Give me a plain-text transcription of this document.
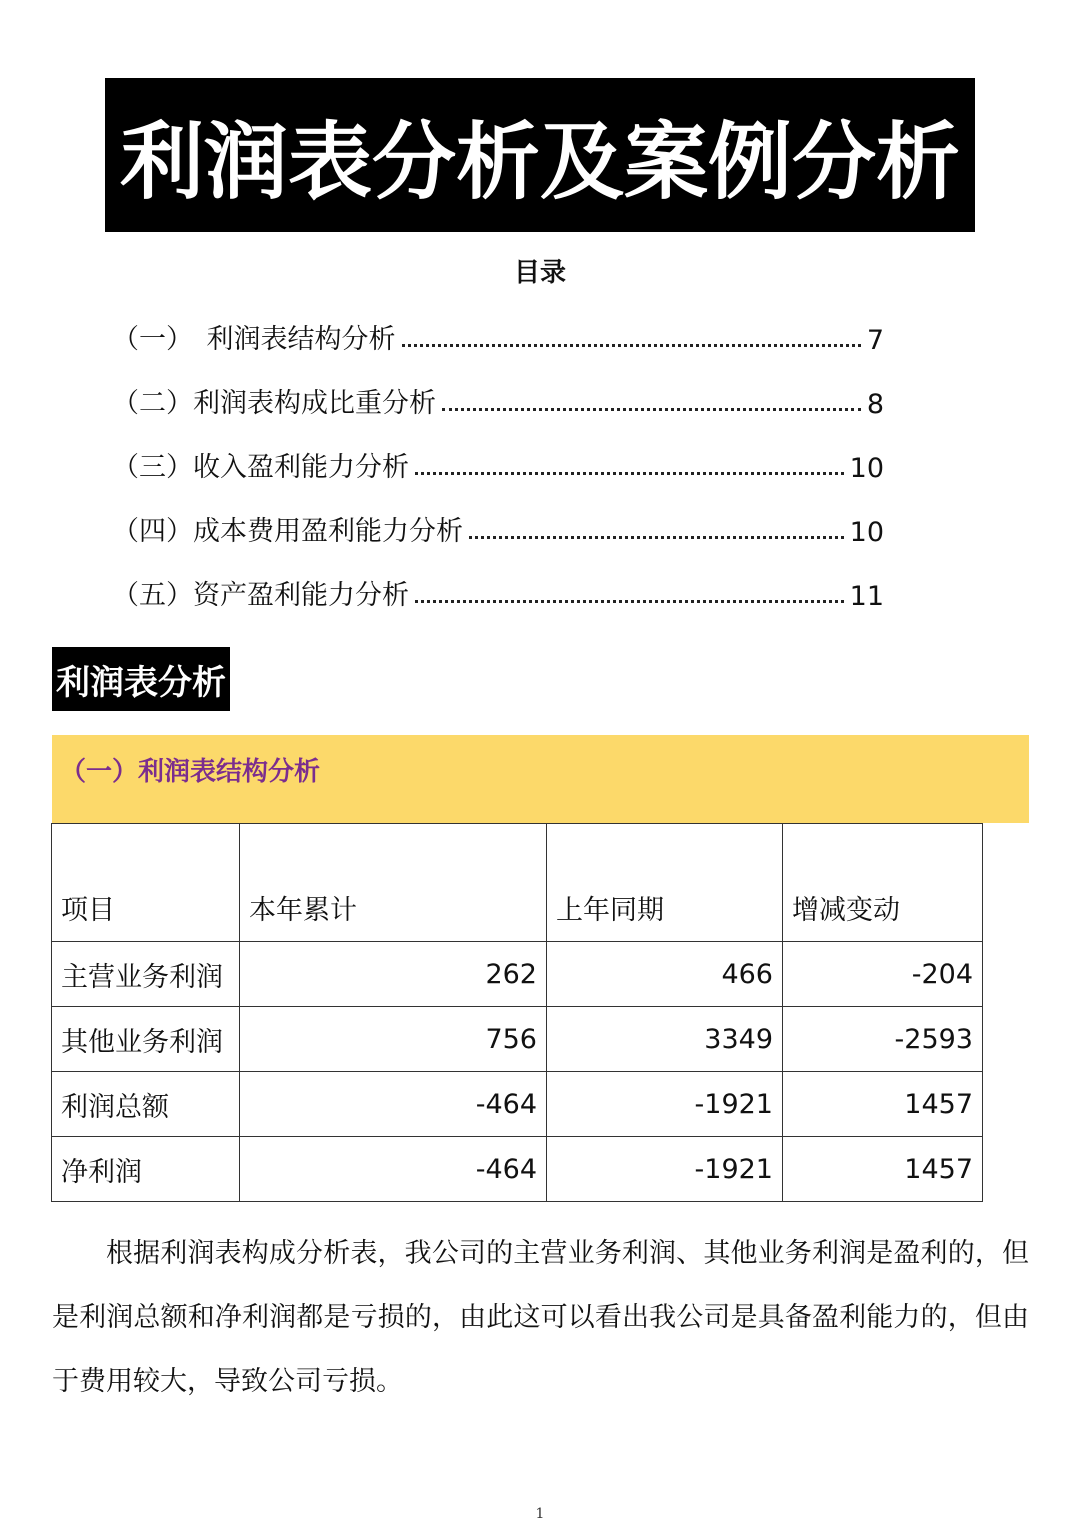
利润表分析及案例分析
目录
（一）　利润表结构分析	7
（二）利润表构成比重分析	8
（三）收入盈利能力分析	10
（四）成本费用盈利能力分析	10
（五）资产盈利能力分析	11
利润表分析
（一）利润表结构分析
项目	本年累计	上年同期	增减变动
主营业务利润	262	466	-204
其他业务利润	756	3349	-2593
利润总额	-464	-1921	1457
净利润	-464	-1921	1457

根据利润表构成分析表，我公司的主营业务利润、其他业务利润是盈利的，但是利润总额和净利润都是亏损的，由此这可以看出我公司是具备盈利能力的，但由于费用较大，导致公司亏损。

1
